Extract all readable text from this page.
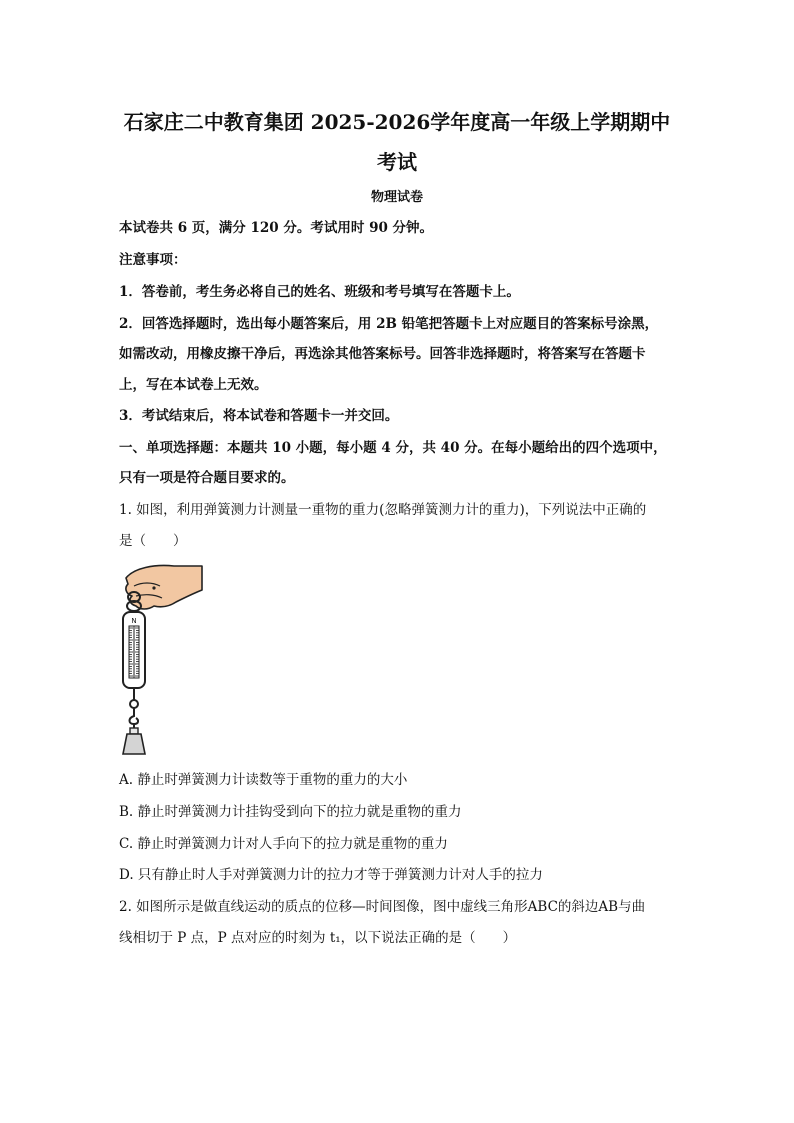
石家庄二中教育集团 2025-2026学年度高一年级上学期期中
考试
物理试卷
本试卷共 6 页，满分 120 分。考试用时 90 分钟。
注意事项：
1．答卷前，考生务必将自己的姓名、班级和考号填写在答题卡上。
2．回答选择题时，选出每小题答案后，用 2B 铅笔把答题卡上对应题目的答案标号涂黑，
如需改动，用橡皮擦干净后，再选涂其他答案标号。回答非选择题时，将答案写在答题卡
上，写在本试卷上无效。
3．考试结束后，将本试卷和答题卡一并交回。
一、单项选择题：本题共 10 小题，每小题 4 分，共 40 分。在每小题给出的四个选项中，
只有一项是符合题目要求的。
1. 如图，利用弹簧测力计测量一重物的重力(忽略弹簧测力计的重力)，下列说法中正确的
是（　　）
N
A. 静止时弹簧测力计读数等于重物的重力的大小
B. 静止时弹簧测力计挂钩受到向下的拉力就是重物的重力
C. 静止时弹簧测力计对人手向下的拉力就是重物的重力
D. 只有静止时人手对弹簧测力计的拉力才等于弹簧测力计对人手的拉力
2. 如图所示是做直线运动的质点的位移—时间图像，图中虚线三角形ABC的斜边AB与曲
线相切于 P 点，P 点对应的时刻为 t₁，以下说法正确的是（　　）
